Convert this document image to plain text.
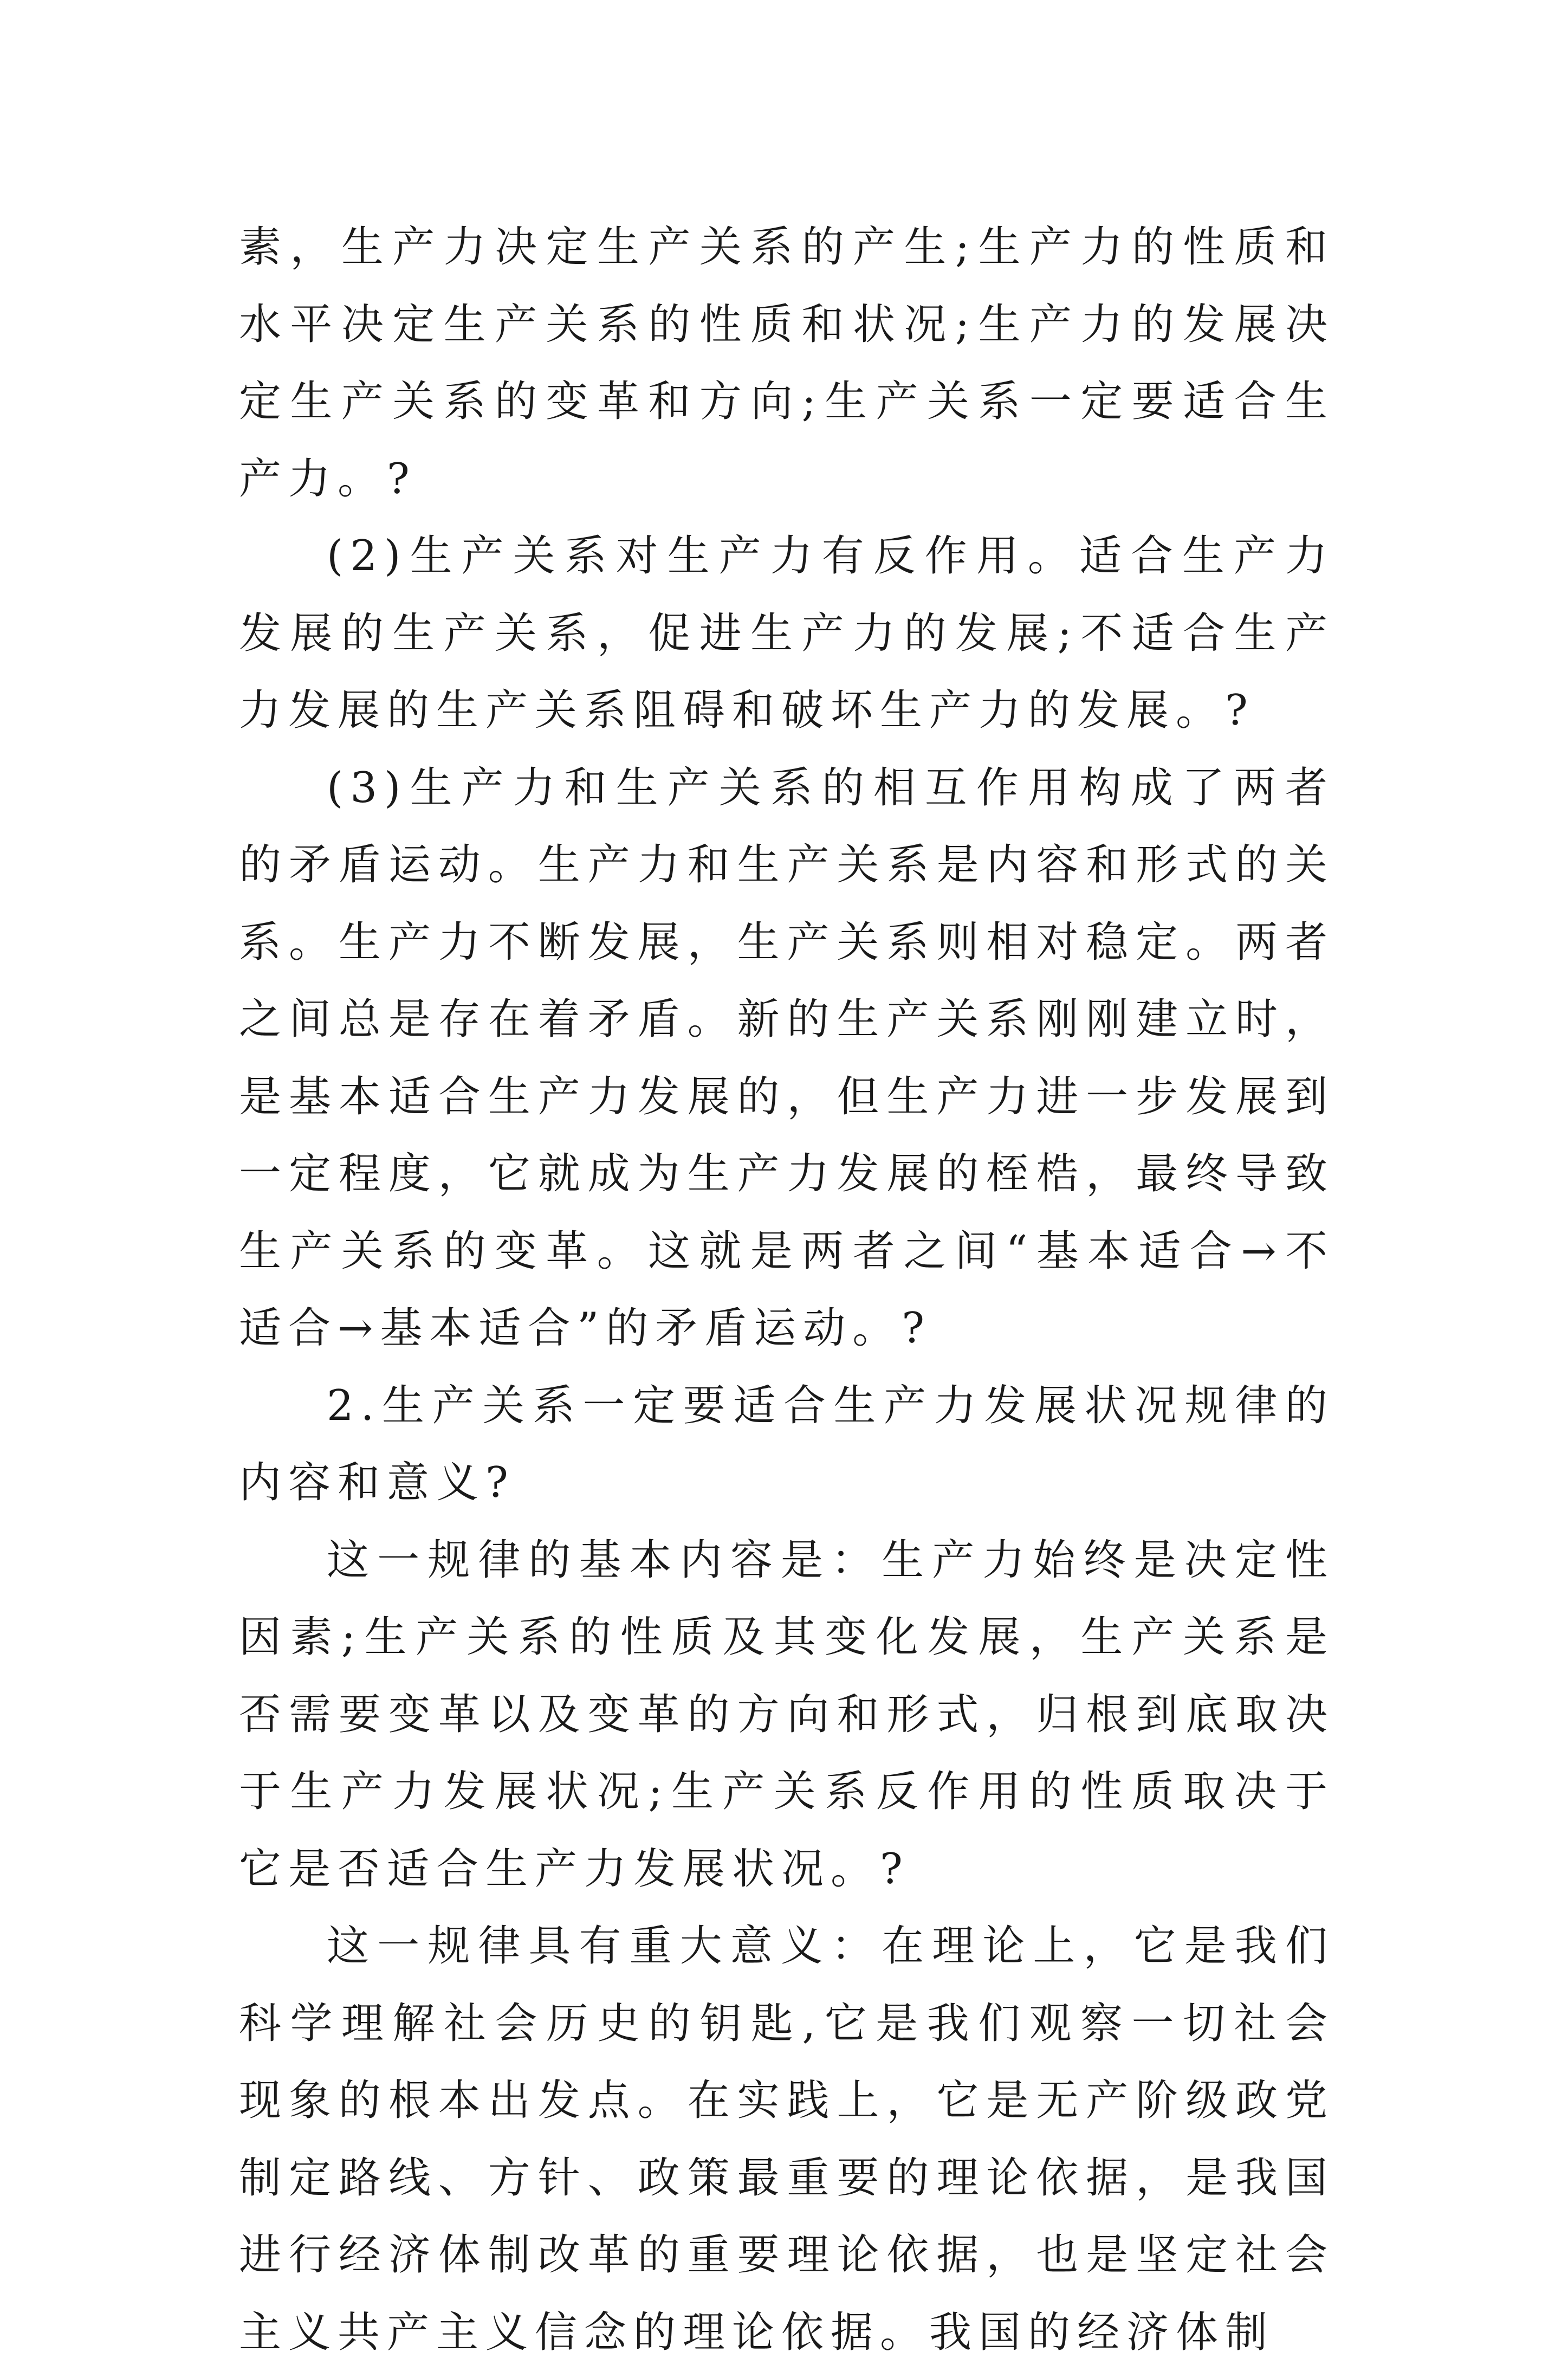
素，生产力决定生产关系的产生;生产力的性质和水平决定生产关系的性质和状况;生产力的发展决定生产关系的变革和方向;生产关系一定要适合生产力。?

(2)生产关系对生产力有反作用。适合生产力发展的生产关系，促进生产力的发展;不适合生产力发展的生产关系阻碍和破坏生产力的发展。?

(3)生产力和生产关系的相互作用构成了两者的矛盾运动。生产力和生产关系是内容和形式的关系。生产力不断发展，生产关系则相对稳定。两者之间总是存在着矛盾。新的生产关系刚刚建立时，是基本适合生产力发展的，但生产力进一步发展到一定程度，它就成为生产力发展的桎梏，最终导致生产关系的变革。这就是两者之间“基本适合→不适合→基本适合”的矛盾运动。?

2.生产关系一定要适合生产力发展状况规律的内容和意义?

这一规律的基本内容是：生产力始终是决定性因素;生产关系的性质及其变化发展，生产关系是否需要变革以及变革的方向和形式，归根到底取决于生产力发展状况;生产关系反作用的性质取决于它是否适合生产力发展状况。?

这一规律具有重大意义：在理论上，它是我们科学理解社会历史的钥匙,它是我们观察一切社会现象的根本出发点。在实践上，它是无产阶级政党制定路线、方针、政策最重要的理论依据，是我国进行经济体制改革的重要理论依据，也是坚定社会主义共产主义信念的理论依据。我国的经济体制
